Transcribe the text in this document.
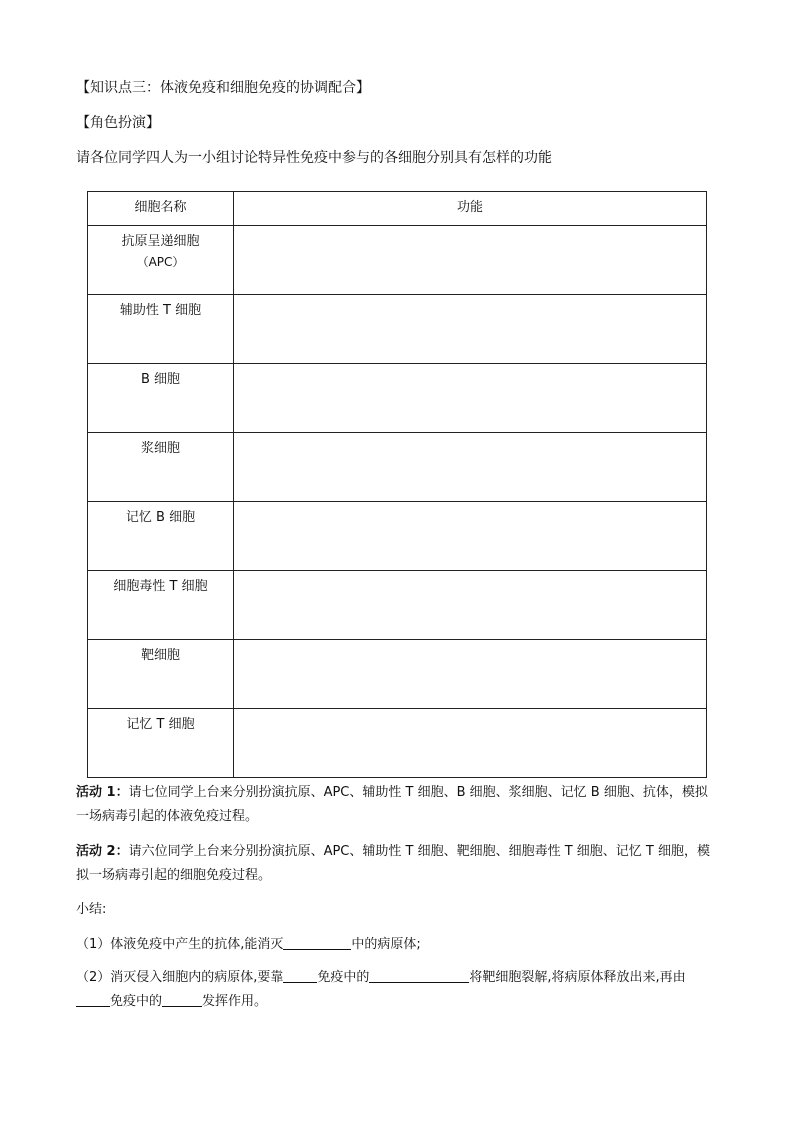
【知识点三：体液免疫和细胞免疫的协调配合】
【角色扮演】
请各位同学四人为一小组讨论特异性免疫中参与的各细胞分别具有怎样的功能
细胞名称	功能
抗原呈递细胞
（APC）	

辅助性 T 细胞	
B 细胞	
浆细胞	
记忆 B 细胞	
细胞毒性 T 细胞	
靶细胞	
记忆 T 细胞	
活动 1：请七位同学上台来分别扮演抗原、APC、辅助性 T 细胞、B 细胞、浆细胞、记忆 B 细胞、抗体，模拟一场病毒引起的体液免疫过程。
活动 2：请六位同学上台来分别扮演抗原、APC、辅助性 T 细胞、靶细胞、细胞毒性 T 细胞、记忆 T 细胞，模拟一场病毒引起的细胞免疫过程。
小结:
（1）体液免疫中产生的抗体,能消灭	中的病原体;
（2）消灭侵入细胞内的病原体,要靠	免疫中的	将靶细胞裂解,将病原体释放出来,再由免疫中的	发挥作用。
